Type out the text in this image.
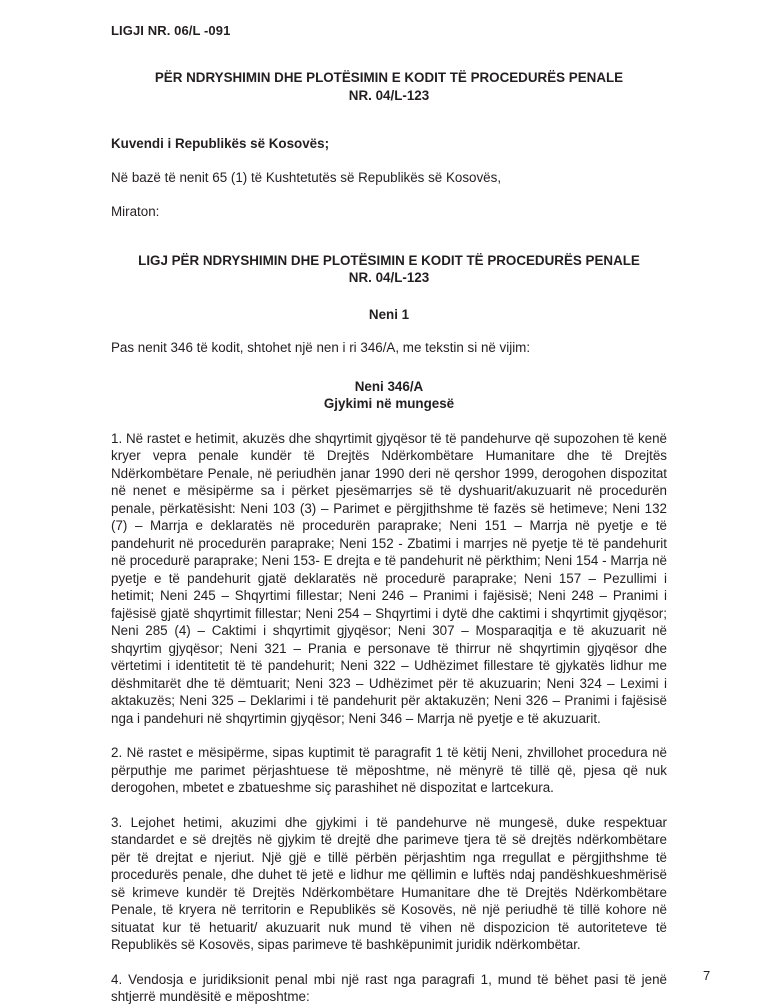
LIGJI NR. 06/L -091
PËR NDRYSHIMIN DHE PLOTËSIMIN E KODIT TË PROCEDURËS PENALE
NR. 04/L-123
Kuvendi i Republikës së Kosovës;
Në bazë të nenit 65 (1) të Kushtetutës së Republikës së Kosovës,
Miraton:
LIGJ PËR NDRYSHIMIN DHE PLOTËSIMIN E KODIT TË PROCEDURËS PENALE
NR. 04/L-123
Neni 1
Pas nenit 346 të kodit, shtohet një nen i ri 346/A, me tekstin si në vijim:
Neni 346/A
Gjykimi në mungesë

1. Në rastet e hetimit, akuzës dhe shqyrtimit gjyqësor të të pandehurve që supozohen të kenë kryer vepra penale kundër të Drejtës Ndërkombëtare Humanitare dhe të Drejtës Ndërkombëtare Penale, në periudhën janar 1990 deri në qershor 1999, derogohen dispozitat në nenet e mësipërme sa i përket pjesëmarrjes së të dyshuarit/akuzuarit në procedurën penale, përkatësisht: Neni 103 (3) – Parimet e përgjithshme të fazës së hetimeve; Neni 132 (7) – Marrja e deklaratës në procedurën paraprake; Neni 151 – Marrja në pyetje e të pandehurit në procedurën paraprake; Neni 152 - Zbatimi i marrjes në pyetje të të pandehurit në procedurë paraprake; Neni 153- E drejta e të pandehurit në përkthim; Neni 154 - Marrja në pyetje e të pandehurit gjatë deklaratës në procedurë paraprake; Neni 157 – Pezullimi i hetimit; Neni 245 – Shqyrtimi fillestar; Neni 246 – Pranimi i fajësisë; Neni 248 – Pranimi i fajësisë gjatë shqyrtimit fillestar; Neni 254 – Shqyrtimi i dytë dhe caktimi i shqyrtimit gjyqësor; Neni 285 (4) – Caktimi i shqyrtimit gjyqësor; Neni 307 – Mosparaqitja e të akuzuarit në shqyrtim gjyqësor; Neni 321 – Prania e personave të thirrur në shqyrtimin gjyqësor dhe vërtetimi i identitetit të të pandehurit; Neni 322 – Udhëzimet fillestare të gjykatës lidhur me dëshmitarët dhe të dëmtuarit; Neni 323 – Udhëzimet për të akuzuarin; Neni 324 – Leximi i aktakuzës; Neni 325 – Deklarimi i të pandehurit për aktakuzën; Neni 326 – Pranimi i fajësisë nga i pandehuri në shqyrtimin gjyqësor; Neni 346 – Marrja në pyetje e të akuzuarit.

2. Në rastet e mësipërme, sipas kuptimit të paragrafit 1 të këtij Neni, zhvillohet procedura në përputhje me parimet përjashtuese të mëposhtme, në mënyrë të tillë që, pjesa që nuk derogohen, mbetet e zbatueshme siç parashihet në dispozitat e lartcekura.

3. Lejohet hetimi, akuzimi dhe gjykimi i të pandehurve në mungesë, duke respektuar standardet e së drejtës në gjykim të drejtë dhe parimeve tjera të së drejtës ndërkombëtare për të drejtat e njeriut. Një gjë e tillë përbën përjashtim nga rregullat e përgjithshme të procedurës penale, dhe duhet të jetë e lidhur me qëllimin e luftës ndaj pandëshkueshmërisë së krimeve kundër të Drejtës Ndërkombëtare Humanitare dhe të Drejtës Ndërkombëtare Penale, të kryera në territorin e Republikës së Kosovës, në një periudhë të tillë kohore në situatat kur të hetuarit/ akuzuarit nuk mund të vihen në dispozicion të autoriteteve të Republikës së Kosovës, sipas parimeve të bashkëpunimit juridik ndërkombëtar.

4. Vendosja e juridiksionit penal mbi një rast nga paragrafi 1, mund të bëhet pasi të jenë shtjerrë mundësitë e mëposhtme:

7
